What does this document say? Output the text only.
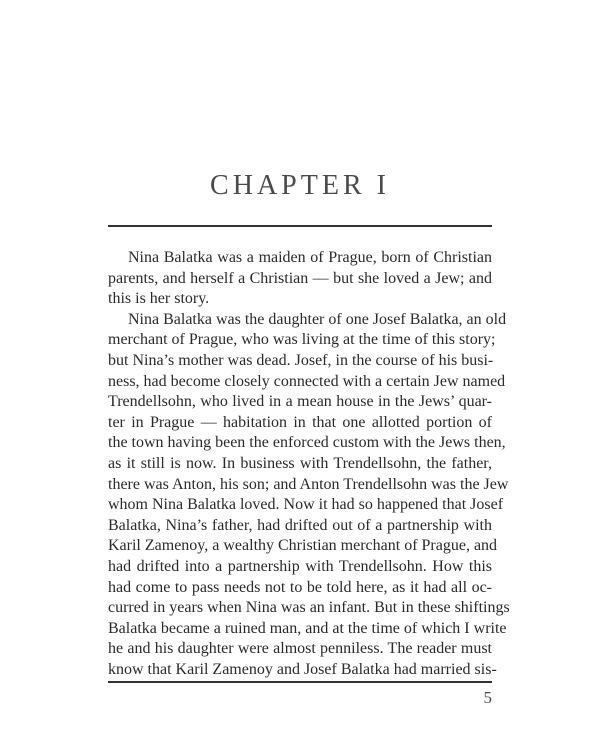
CHAPTER I
Nina Balatka was a maiden of Prague, born of Christian
parents, and herself a Christian — but she loved a Jew; and
this is her story.
Nina Balatka was the daughter of one Josef Balatka, an old
merchant of Prague, who was living at the time of this story;
but Nina’s mother was dead. Josef, in the course of his busi-
ness, had become closely connected with a certain Jew named
Trendellsohn, who lived in a mean house in the Jews’ quar-
ter in Prague — habitation in that one allotted portion of
the town having been the enforced custom with the Jews then,
as it still is now. In business with Trendellsohn, the father,
there was Anton, his son; and Anton Trendellsohn was the Jew
whom Nina Balatka loved. Now it had so happened that Josef
Balatka, Nina’s father, had drifted out of a partnership with
Karil Zamenoy, a wealthy Christian merchant of Prague, and
had drifted into a partnership with Trendellsohn. How this
had come to pass needs not to be told here, as it had all oc-
curred in years when Nina was an infant. But in these shiftings
Balatka became a ruined man, and at the time of which I write
he and his daughter were almost penniless. The reader must
know that Karil Zamenoy and Josef Balatka had married sis-
5
